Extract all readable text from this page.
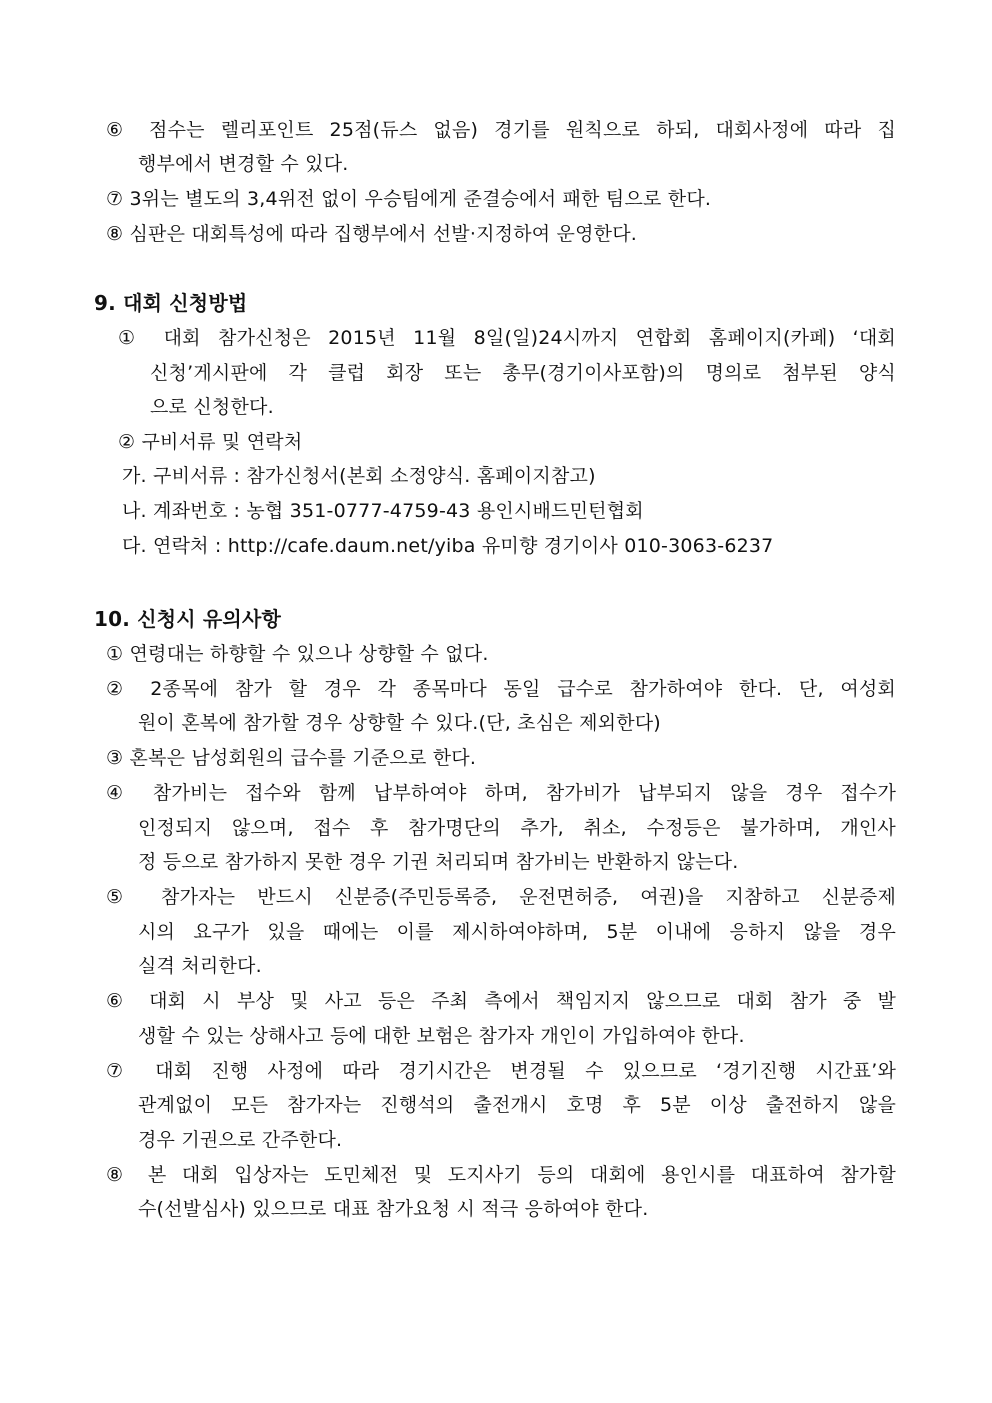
⑥ 점수는 렐리포인트 25점(듀스 없음) 경기를 원칙으로 하되, 대회사정에 따라 집
행부에서 변경할 수 있다.
⑦ 3위는 별도의 3,4위전 없이 우승팀에게 준결승에서 패한 팀으로 한다.
⑧ 심판은 대회특성에 따라 집행부에서 선발·지정하여 운영한다.
9. 대회 신청방법
① 대회 참가신청은 2015년 11월 8일(일)24시까지 연합회 홈페이지(카페) ‘대회
신청’게시판에 각 클럽 회장 또는 총무(경기이사포함)의 명의로 첨부된 양식
으로 신청한다.
② 구비서류 및 연락처
가. 구비서류 : 참가신청서(본회 소정양식. 홈페이지참고)
나. 계좌번호 : 농협 351-0777-4759-43 용인시배드민턴협회
다. 연락처 : http://cafe.daum.net/yiba 유미향 경기이사 010-3063-6237
10. 신청시 유의사항
① 연령대는 하향할 수 있으나 상향할 수 없다.
② 2종목에 참가 할 경우 각 종목마다 동일 급수로 참가하여야 한다. 단, 여성회
원이 혼복에 참가할 경우 상향할 수 있다.(단, 초심은 제외한다)
③ 혼복은 남성회원의 급수를 기준으로 한다.
④ 참가비는 접수와 함께 납부하여야 하며, 참가비가 납부되지 않을 경우 접수가
인정되지 않으며, 접수 후 참가명단의 추가, 취소, 수정등은 불가하며, 개인사
정 등으로 참가하지 못한 경우 기권 처리되며 참가비는 반환하지 않는다.
⑤ 참가자는 반드시 신분증(주민등록증, 운전면허증, 여권)을 지참하고 신분증제
시의 요구가 있을 때에는 이를 제시하여야하며, 5분 이내에 응하지 않을 경우
실격 처리한다.
⑥ 대회 시 부상 및 사고 등은 주최 측에서 책임지지 않으므로 대회 참가 중 발
생할 수 있는 상해사고 등에 대한 보험은 참가자 개인이 가입하여야 한다.
⑦ 대회 진행 사정에 따라 경기시간은 변경될 수 있으므로 ‘경기진행 시간표’와
관계없이 모든 참가자는 진행석의 출전개시 호명 후 5분 이상 출전하지 않을
경우 기권으로 간주한다.
⑧ 본 대회 입상자는 도민체전 및 도지사기 등의 대회에 용인시를 대표하여 참가할
수(선발심사) 있으므로 대표 참가요청 시 적극 응하여야 한다.
